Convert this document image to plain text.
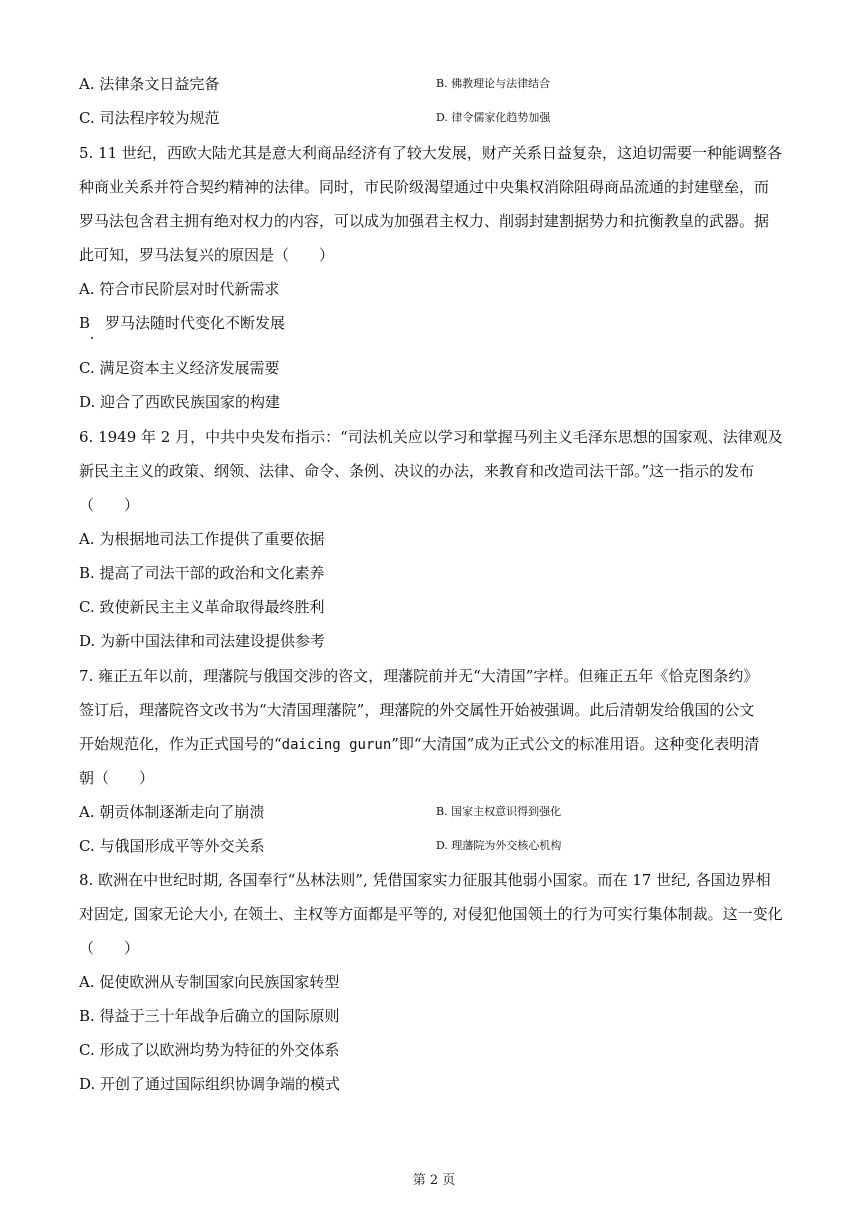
A. 法律条文日益完备	B. 佛教理论与法律结合
C. 司法程序较为规范	D. 律令儒家化趋势加强
5. 11 世纪，西欧大陆尤其是意大利商品经济有了较大发展，财产关系日益复杂，这迫切需要一种能调整各
种商业关系并符合契约精神的法律。同时，市民阶级渴望通过中央集权消除阻碍商品流通的封建壁垒，而
罗马法包含君主拥有绝对权力的内容，可以成为加强君主权力、削弱封建割据势力和抗衡教皇的武器。据
此可知，罗马法复兴的原因是（　　）
A. 符合市民阶层对时代新需求
B　罗马法随时代变化不断发展
C. 满足资本主义经济发展需要
D. 迎合了西欧民族国家的构建
6. 1949 年 2 月，中共中央发布指示：“司法机关应以学习和掌握马列主义毛泽东思想的国家观、法律观及
新民主主义的政策、纲领、法律、命令、条例、决议的办法，来教育和改造司法干部。”这一指示的发布
（　　）
A. 为根据地司法工作提供了重要依据
B. 提高了司法干部的政治和文化素养
C. 致使新民主主义革命取得最终胜利
D. 为新中国法律和司法建设提供参考
7. 雍正五年以前，理藩院与俄国交涉的咨文，理藩院前并无“大清国”字样。但雍正五年《恰克图条约》
签订后，理藩院咨文改书为“大清国理藩院”，理藩院的外交属性开始被强调。此后清朝发给俄国的公文
开始规范化，作为正式国号的“daicing gurun”即“大清国”成为正式公文的标准用语。这种变化表明清
朝（　　）
A. 朝贡体制逐渐走向了崩溃	B. 国家主权意识得到强化
C. 与俄国形成平等外交关系	D. 理藩院为外交核心机构
8. 欧洲在中世纪时期, 各国奉行“丛林法则”, 凭借国家实力征服其他弱小国家。而在 17 世纪, 各国边界相
对固定, 国家无论大小, 在领土、主权等方面都是平等的, 对侵犯他国领土的行为可实行集体制裁。这一变化
（　　）
A. 促使欧洲从专制国家向民族国家转型
B. 得益于三十年战争后确立的国际原则
C. 形成了以欧洲均势为特征的外交体系
D. 开创了通过国际组织协调争端的模式
第 2 页
